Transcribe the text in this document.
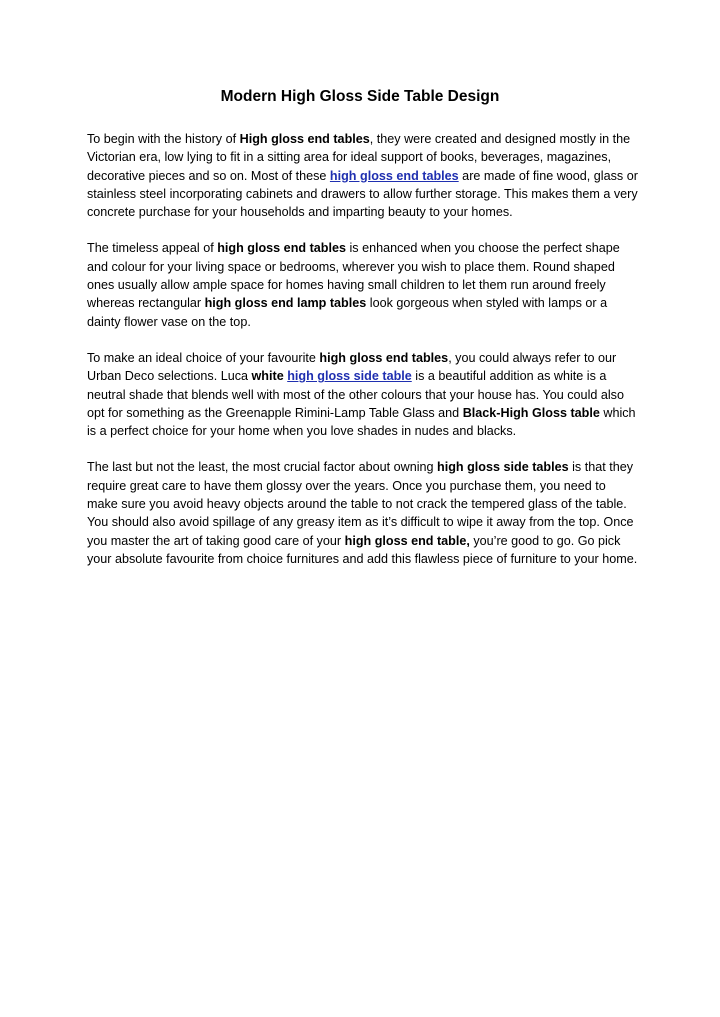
Modern High Gloss Side Table Design

To begin with the history of High gloss end tables, they were created and designed mostly in the Victorian era, low lying to fit in a sitting area for ideal support of books, beverages, magazines, decorative pieces and so on. Most of these high gloss end tables are made of fine wood, glass or stainless steel incorporating cabinets and drawers to allow further storage. This makes them a very concrete purchase for your households and imparting beauty to your homes.

The timeless appeal of high gloss end tables is enhanced when you choose the perfect shape and colour for your living space or bedrooms, wherever you wish to place them. Round shaped ones usually allow ample space for homes having small children to let them run around freely whereas rectangular high gloss end lamp tables look gorgeous when styled with lamps or a dainty flower vase on the top.

To make an ideal choice of your favourite high gloss end tables, you could always refer to our Urban Deco selections. Luca white high gloss side table is a beautiful addition as white is a neutral shade that blends well with most of the other colours that your house has. You could also opt for something as the Greenapple Rimini-Lamp Table Glass and Black-High Gloss table which is a perfect choice for your home when you love shades in nudes and blacks.

The last but not the least, the most crucial factor about owning high gloss side tables is that they require great care to have them glossy over the years. Once you purchase them, you need to make sure you avoid heavy objects around the table to not crack the tempered glass of the table. You should also avoid spillage of any greasy item as it’s difficult to wipe it away from the top. Once you master the art of taking good care of your high gloss end table, you’re good to go. Go pick your absolute favourite from choice furnitures and add this flawless piece of furniture to your home.
